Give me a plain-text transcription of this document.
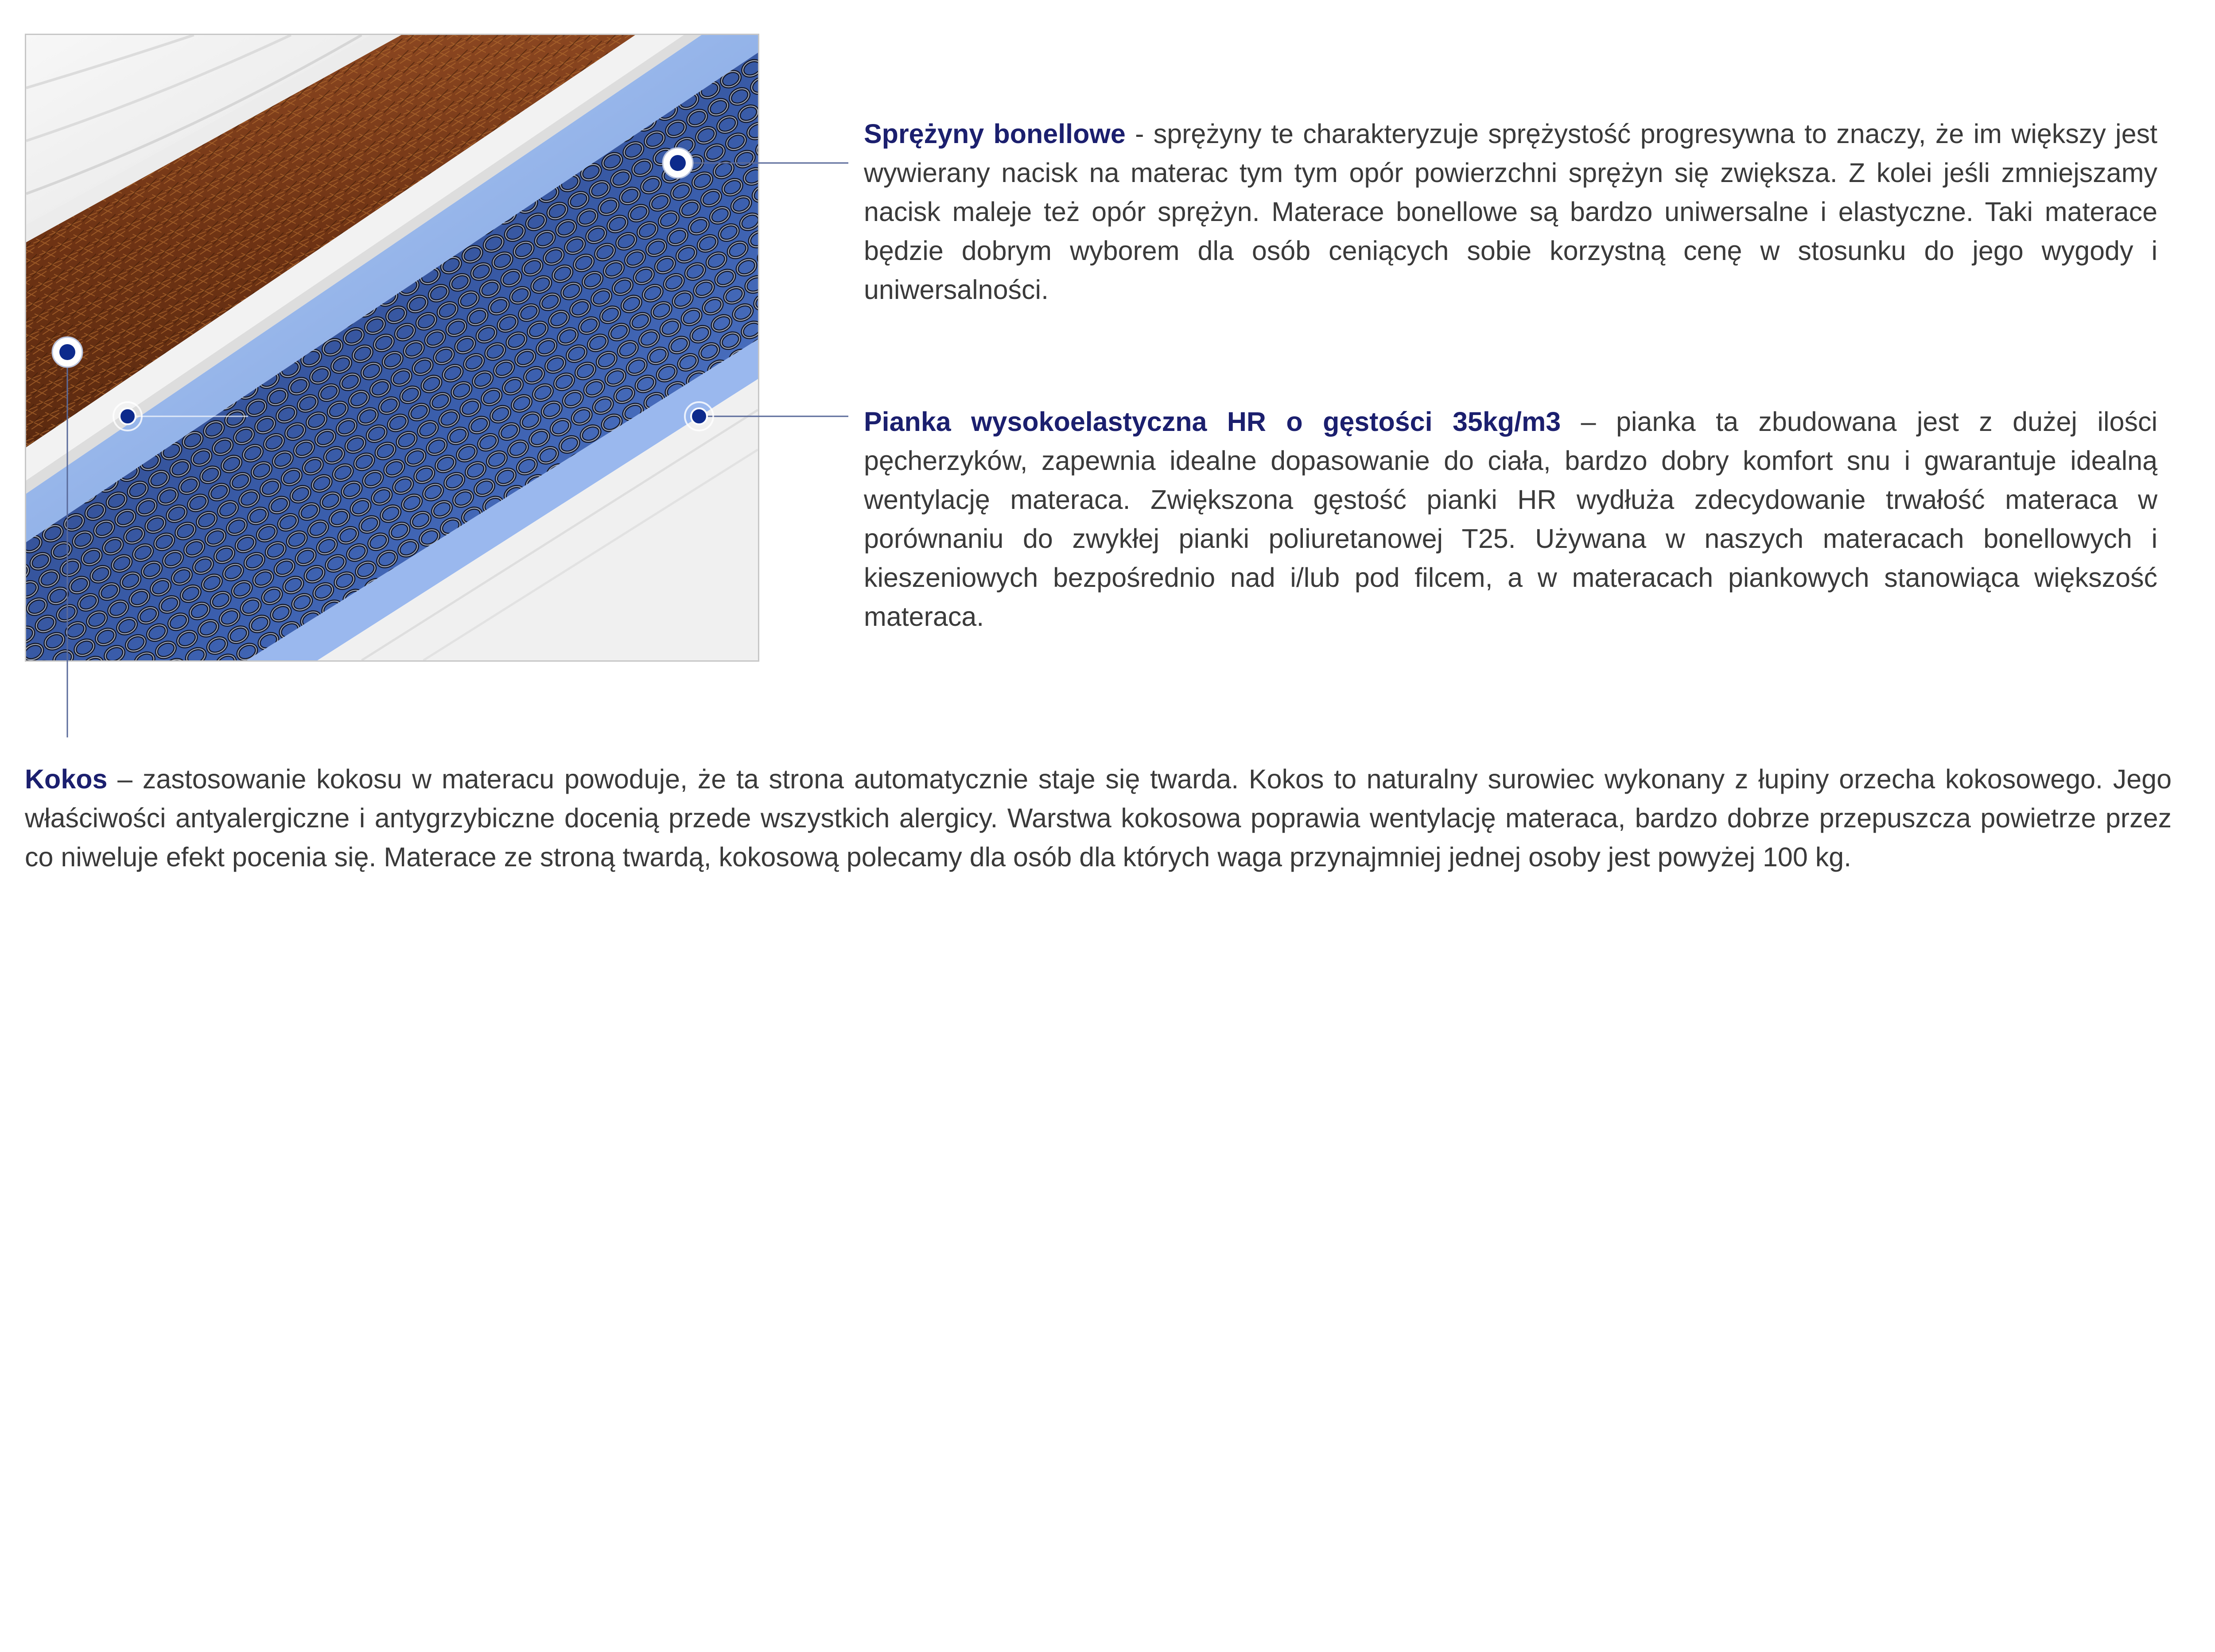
Sprężyny bonellowe - sprężyny te charakteryzuje sprężystość progresywna to znaczy, że im większy jest wywierany nacisk na materac tym tym opór powierzchni sprężyn się zwiększa. Z kolei jeśli zmniejszamy nacisk maleje też opór sprężyn. Materace bonellowe są bardzo uniwersalne i elastyczne. Taki materace będzie dobrym wyborem dla osób ceniących sobie korzystną cenę w stosunku do jego wygody i uniwersalności.

Pianka wysokoelastyczna HR o gęstości 35kg/m3 – pianka ta zbudowana jest z dużej ilości pęcherzyków, zapewnia idealne dopasowanie do ciała, bardzo dobry komfort snu i gwarantuje idealną wentylację materaca. Zwiększona gęstość pianki HR wydłuża zdecydowanie trwałość materaca w porównaniu do zwykłej pianki poliuretanowej T25. Używana w naszych materacach bonellowych i kieszeniowych bezpośrednio nad i/lub pod filcem, a w materacach piankowych stanowiąca większość materaca.

Kokos – zastosowanie kokosu w materacu powoduje, że ta strona automatycznie staje się twarda. Kokos to naturalny surowiec wykonany z łupiny orzecha kokosowego. Jego właściwości antyalergiczne i antygrzybiczne docenią przede wszystkich alergicy. Warstwa kokosowa poprawia wentylację materaca, bardzo dobrze przepuszcza powietrze przez co niweluje efekt pocenia się. Materace ze stroną twardą, kokosową polecamy dla osób dla których waga przynajmniej jednej osoby jest powyżej 100 kg.
